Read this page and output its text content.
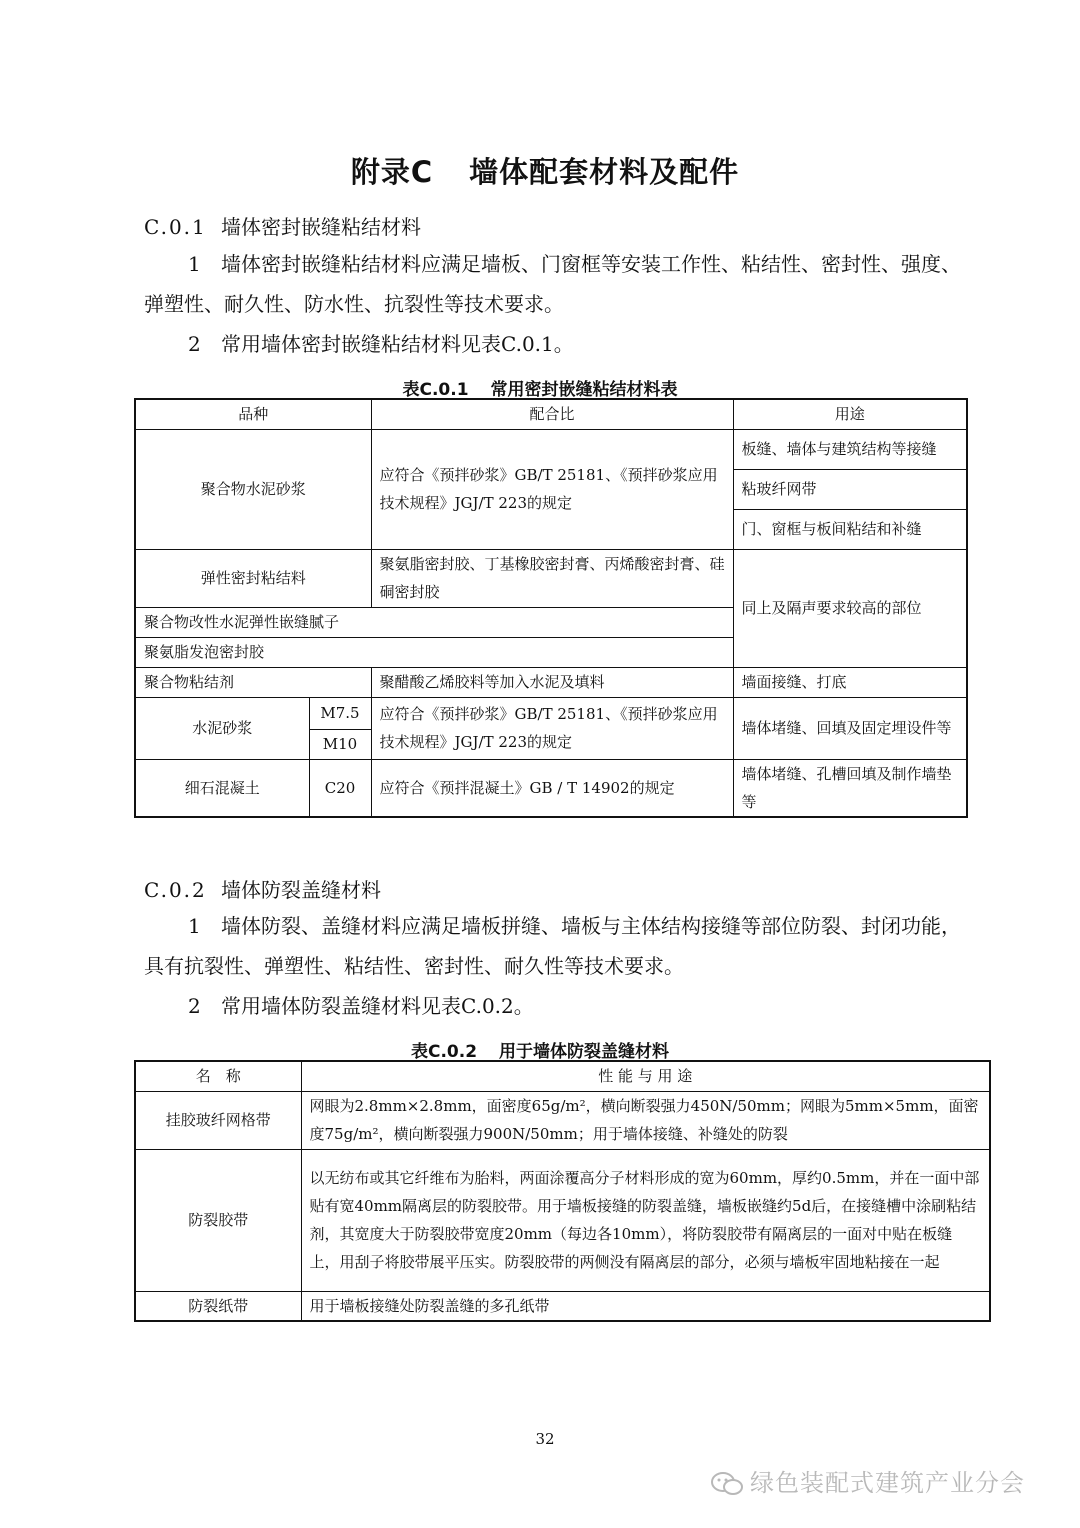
附录C 墙体配套材料及配件
C.0.1 墙体密封嵌缝粘结材料
1 墙体密封嵌缝粘结材料应满足墙板、门窗框等安装工作性、粘结性、密封性、强度、弹塑性、耐久性、防水性、抗裂性等技术要求。
2 常用墙体密封嵌缝粘结材料见表C.0.1。
表C.0.1 常用密封嵌缝粘结材料表
品种		配合比	用途
聚合物水泥砂浆		应符合《预拌砂浆》GB/T 25181、《预拌砂浆应用技术规程》JGJ/T 223的规定	板缝、墙体与建筑结构等接缝
			粘玻纤网带
			门、窗框与板间粘结和补缝
弹性密封粘结料		聚氨脂密封胶、丁基橡胶密封膏、丙烯酸密封膏、硅硐密封胶	同上及隔声要求较高的部位
聚合物改性水泥弹性嵌缝腻子			
聚氨脂发泡密封胶			
聚合物粘结剂		聚醋酸乙烯胶料等加入水泥及填料	墙面接缝、打底
水泥砂浆	M7.5	应符合《预拌砂浆》GB/T 25181、《预拌砂浆应用技术规程》JGJ/T 223的规定	墙体堵缝、回填及固定埋设件等
	M10		
细石混凝土	C20	应符合《预拌混凝土》GB / T 14902的规定	墙体堵缝、孔槽回填及制作墙垫等
C.0.2 墙体防裂盖缝材料
1 墙体防裂、盖缝材料应满足墙板拼缝、墙板与主体结构接缝等部位防裂、封闭功能，具有抗裂性、弹塑性、粘结性、密封性、耐久性等技术要求。
2 常用墙体防裂盖缝材料见表C.0.2。
表C.0.2 用于墙体防裂盖缝材料
名　称	性 能 与 用 途
挂胶玻纤网格带	网眼为2.8mm×2.8mm，面密度65g/m²，横向断裂强力450N/50mm；网眼为5mm×5mm，面密度75g/m²，横向断裂强力900N/50mm；用于墙体接缝、补缝处的防裂
防裂胶带	以无纺布或其它纤维布为胎料，两面涂覆高分子材料形成的宽为60mm，厚约0.5mm，并在一面中部贴有宽40mm隔离层的防裂胶带。用于墙板接缝的防裂盖缝，墙板嵌缝约5d后，在接缝槽中涂刷粘结剂，其宽度大于防裂胶带宽度20mm（每边各10mm），将防裂胶带有隔离层的一面对中贴在板缝上，用刮子将胶带展平压实。防裂胶带的两侧没有隔离层的部分，必须与墙板牢固地粘接在一起
防裂纸带	用于墙板接缝处防裂盖缝的多孔纸带
32
绿色装配式建筑产业分会
